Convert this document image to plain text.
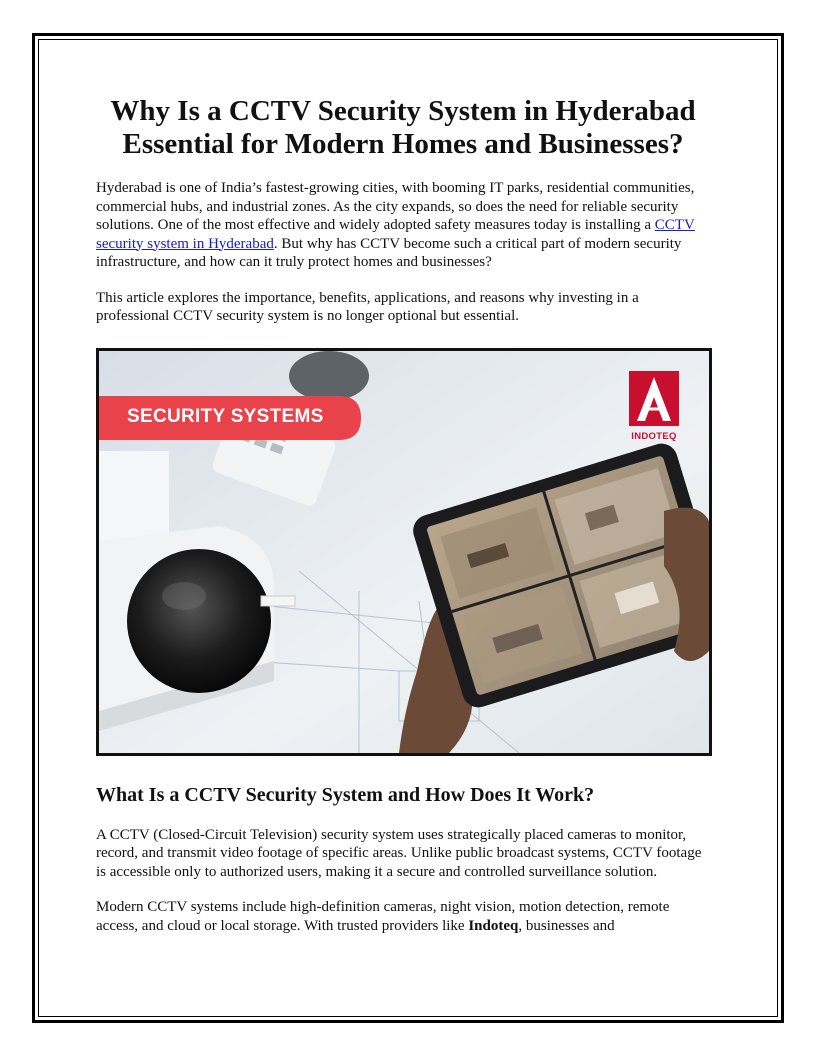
Why Is a CCTV Security System in Hyderabad Essential for Modern Homes and Businesses?

Hyderabad is one of India’s fastest-growing cities, with booming IT parks, residential communities, commercial hubs, and industrial zones. As the city expands, so does the need for reliable security solutions. One of the most effective and widely adopted safety measures today is installing a CCTV security system in Hyderabad. But why has CCTV become such a critical part of modern security infrastructure, and how can it truly protect homes and businesses?

This article explores the importance, benefits, applications, and reasons why investing in a professional CCTV security system is no longer optional but essential.

SECURITY SYSTEMS
INDOTEQ
What Is a CCTV Security System and How Does It Work?

A CCTV (Closed-Circuit Television) security system uses strategically placed cameras to monitor, record, and transmit video footage of specific areas. Unlike public broadcast systems, CCTV footage is accessible only to authorized users, making it a secure and controlled surveillance solution.

Modern CCTV systems include high-definition cameras, night vision, motion detection, remote access, and cloud or local storage. With trusted providers like Indoteq, businesses and
